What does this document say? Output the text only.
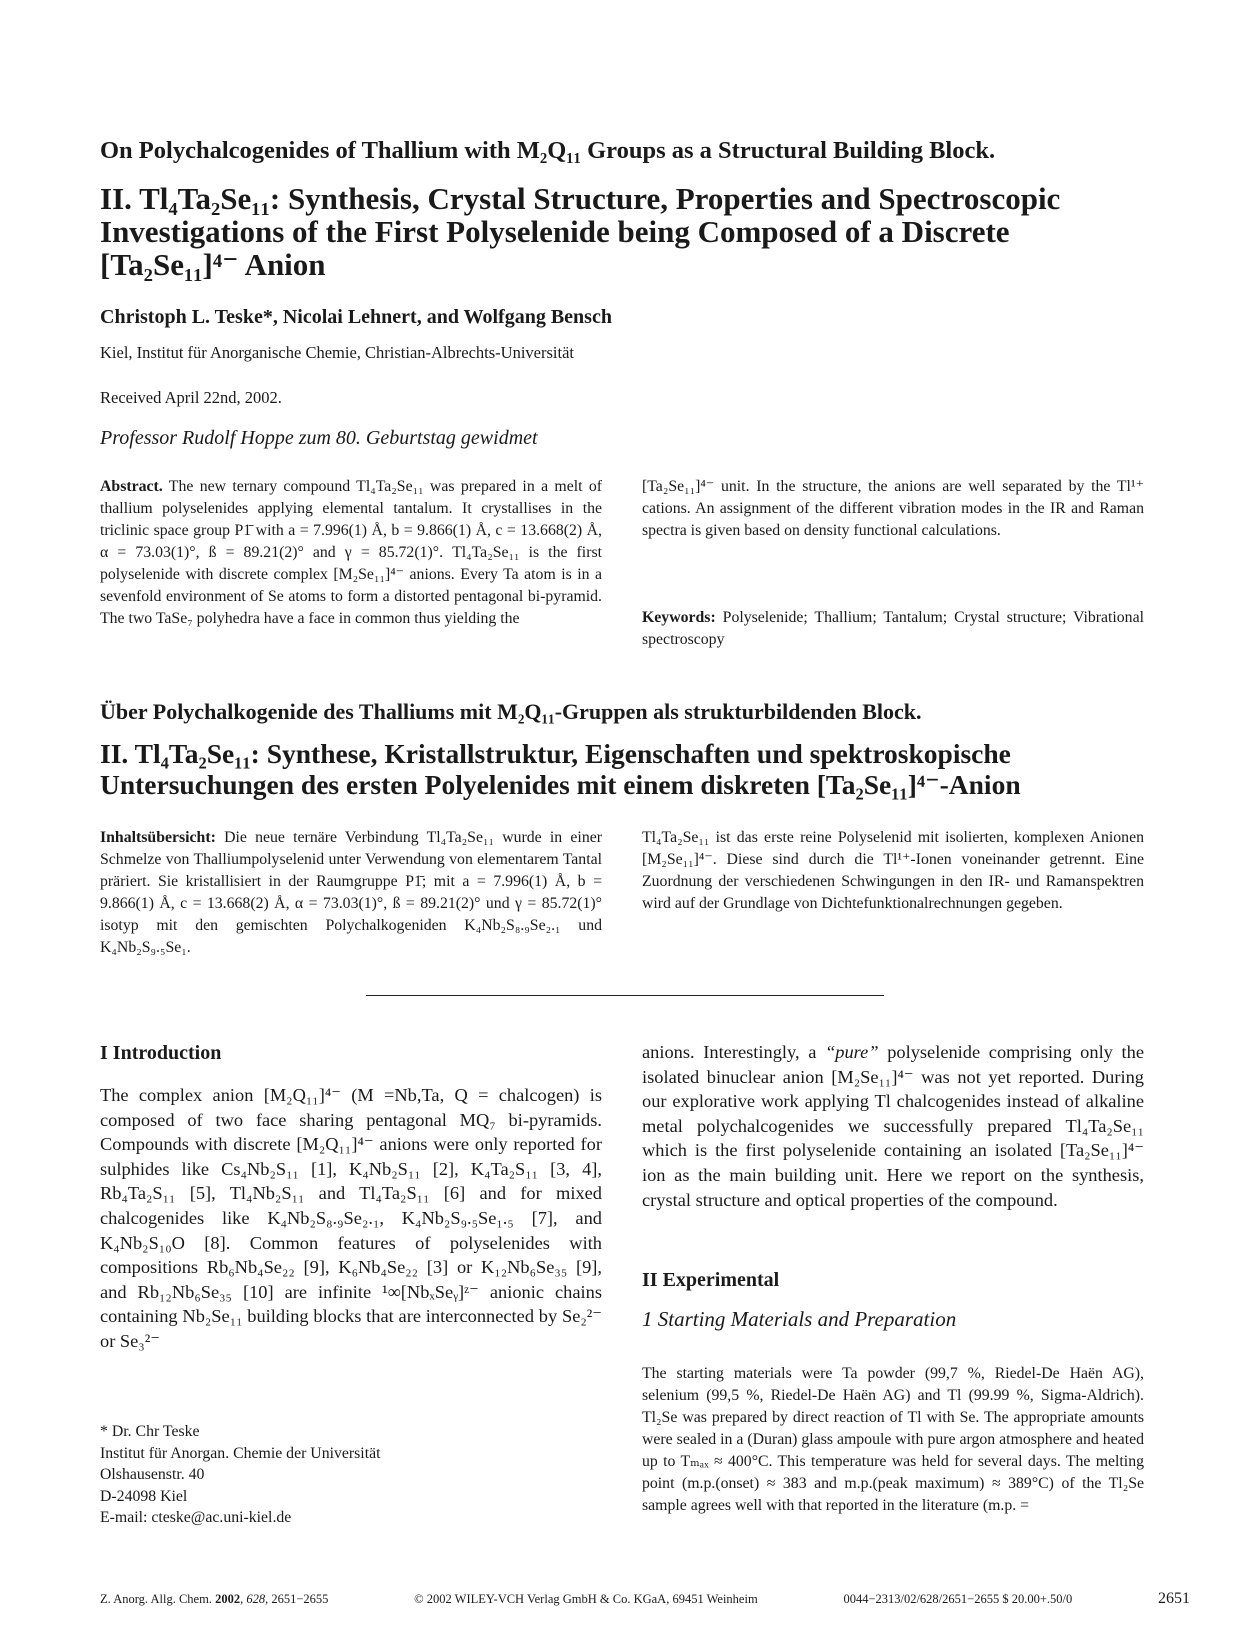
On Polychalcogenides of Thallium with M₂Q₁₁ Groups as a Structural Building Block.
II. Tl₄Ta₂Se₁₁: Synthesis, Crystal Structure, Properties and Spectroscopic
Investigations of the First Polyselenide being Composed of a Discrete
[Ta₂Se₁₁]⁴⁻ Anion
Christoph L. Teske*, Nicolai Lehnert, and Wolfgang Bensch
Kiel, Institut für Anorganische Chemie, Christian-Albrechts-Universität
Received April 22nd, 2002.
Professor Rudolf Hoppe zum 80. Geburtstag gewidmet

Abstract. The new ternary compound Tl₄Ta₂Se₁₁ was prepared in a melt of thallium polyselenides applying elemental tantalum. It crystallises in the triclinic space group P1̄ with a = 7.996(1) Å, b = 9.866(1) Å, c = 13.668(2) Å, α = 73.03(1)°, ß = 89.21(2)° and γ = 85.72(1)°. Tl₄Ta₂Se₁₁ is the first polyselenide with discrete complex [M₂Se₁₁]⁴⁻ anions. Every Ta atom is in a sevenfold environment of Se atoms to form a distorted pentagonal bi-pyramid. The two TaSe₇ polyhedra have a face in common thus yielding the

[Ta₂Se₁₁]⁴⁻ unit. In the structure, the anions are well separated by the Tl¹⁺ cations. An assignment of the different vibration modes in the IR and Raman spectra is given based on density functional calculations.

Keywords: Polyselenide; Thallium; Tantalum; Crystal structure; Vibrational spectroscopy

Über Polychalkogenide des Thalliums mit M₂Q₁₁-Gruppen als strukturbildenden Block.
II. Tl₄Ta₂Se₁₁: Synthese, Kristallstruktur, Eigenschaften und spektroskopische
Untersuchungen des ersten Polyelenides mit einem diskreten [Ta₂Se₁₁]⁴⁻-Anion

Inhaltsübersicht: Die neue ternäre Verbindung Tl₄Ta₂Se₁₁ wurde in einer Schmelze von Thalliumpolyselenid unter Verwendung von elementarem Tantal präriert. Sie kristallisiert in der Raumgruppe P1̄; mit a = 7.996(1) Å, b = 9.866(1) Å, c = 13.668(2) Å, α = 73.03(1)°, ß = 89.21(2)° und γ = 85.72(1)° isotyp mit den gemischten Polychalkogeniden K₄Nb₂S₈.₉Se₂.₁ und K₄Nb₂S₉.₅Se₁.

Tl₄Ta₂Se₁₁ ist das erste reine Polyselenid mit isolierten, komplexen Anionen [M₂Se₁₁]⁴⁻. Diese sind durch die Tl¹⁺-Ionen voneinander getrennt. Eine Zuordnung der verschiedenen Schwingungen in den IR- und Ramanspektren wird auf der Grundlage von Dichtefunktionalrechnungen gegeben.

I Introduction

The complex anion [M₂Q₁₁]⁴⁻ (M =Nb,Ta, Q = chalcogen) is composed of two face sharing pentagonal MQ₇ bi-pyramids. Compounds with discrete [M₂Q₁₁]⁴⁻ anions were only reported for sulphides like Cs₄Nb₂S₁₁ [1], K₄Nb₂S₁₁ [2], K₄Ta₂S₁₁ [3, 4], Rb₄Ta₂S₁₁ [5], Tl₄Nb₂S₁₁ and Tl₄Ta₂S₁₁ [6] and for mixed chalcogenides like K₄Nb₂S₈.₉Se₂.₁, K₄Nb₂S₉.₅Se₁.₅ [7], and K₄Nb₂S₁₀O [8]. Common features of polyselenides with compositions Rb₆Nb₄Se₂₂ [9], K₆Nb₄Se₂₂ [3] or K₁₂Nb₆Se₃₅ [9], and Rb₁₂Nb₆Se₃₅ [10] are infinite ¹∞[NbₓSeᵧ]ᶻ⁻ anionic chains containing Nb₂Se₁₁ building blocks that are interconnected by Se₂²⁻ or Se₃²⁻

* Dr. Chr Teske
Institut für Anorgan. Chemie der Universität
Olshausenstr. 40
D-24098 Kiel
E-mail: cteske@ac.uni-kiel.de

anions. Interestingly, a “pure” polyselenide comprising only the isolated binuclear anion [M₂Se₁₁]⁴⁻ was not yet reported. During our explorative work applying Tl chalcogenides instead of alkaline metal polychalcogenides we successfully prepared Tl₄Ta₂Se₁₁ which is the first polyselenide containing an isolated [Ta₂Se₁₁]⁴⁻ ion as the main building unit. Here we report on the synthesis, crystal structure and optical properties of the compound.

II Experimental
1 Starting Materials and Preparation

The starting materials were Ta powder (99,7 %, Riedel-De Haën AG), selenium (99,5 %, Riedel-De Haën AG) and Tl (99.99 %, Sigma-Aldrich). Tl₂Se was prepared by direct reaction of Tl with Se. The appropriate amounts were sealed in a (Duran) glass ampoule with pure argon atmosphere and heated up to Tₘₐₓ ≈ 400°C. This temperature was held for several days. The melting point (m.p.(onset) ≈ 383 and m.p.(peak maximum) ≈ 389°C) of the Tl₂Se sample agrees well with that reported in the literature (m.p. =

Z. Anorg. Allg. Chem. 2002, 628, 2651−2655	© 2002 WILEY-VCH Verlag GmbH & Co. KGaA, 69451 Weinheim	0044−2313/02/628/2651−2655 $ 20.00+.50/0	2651
